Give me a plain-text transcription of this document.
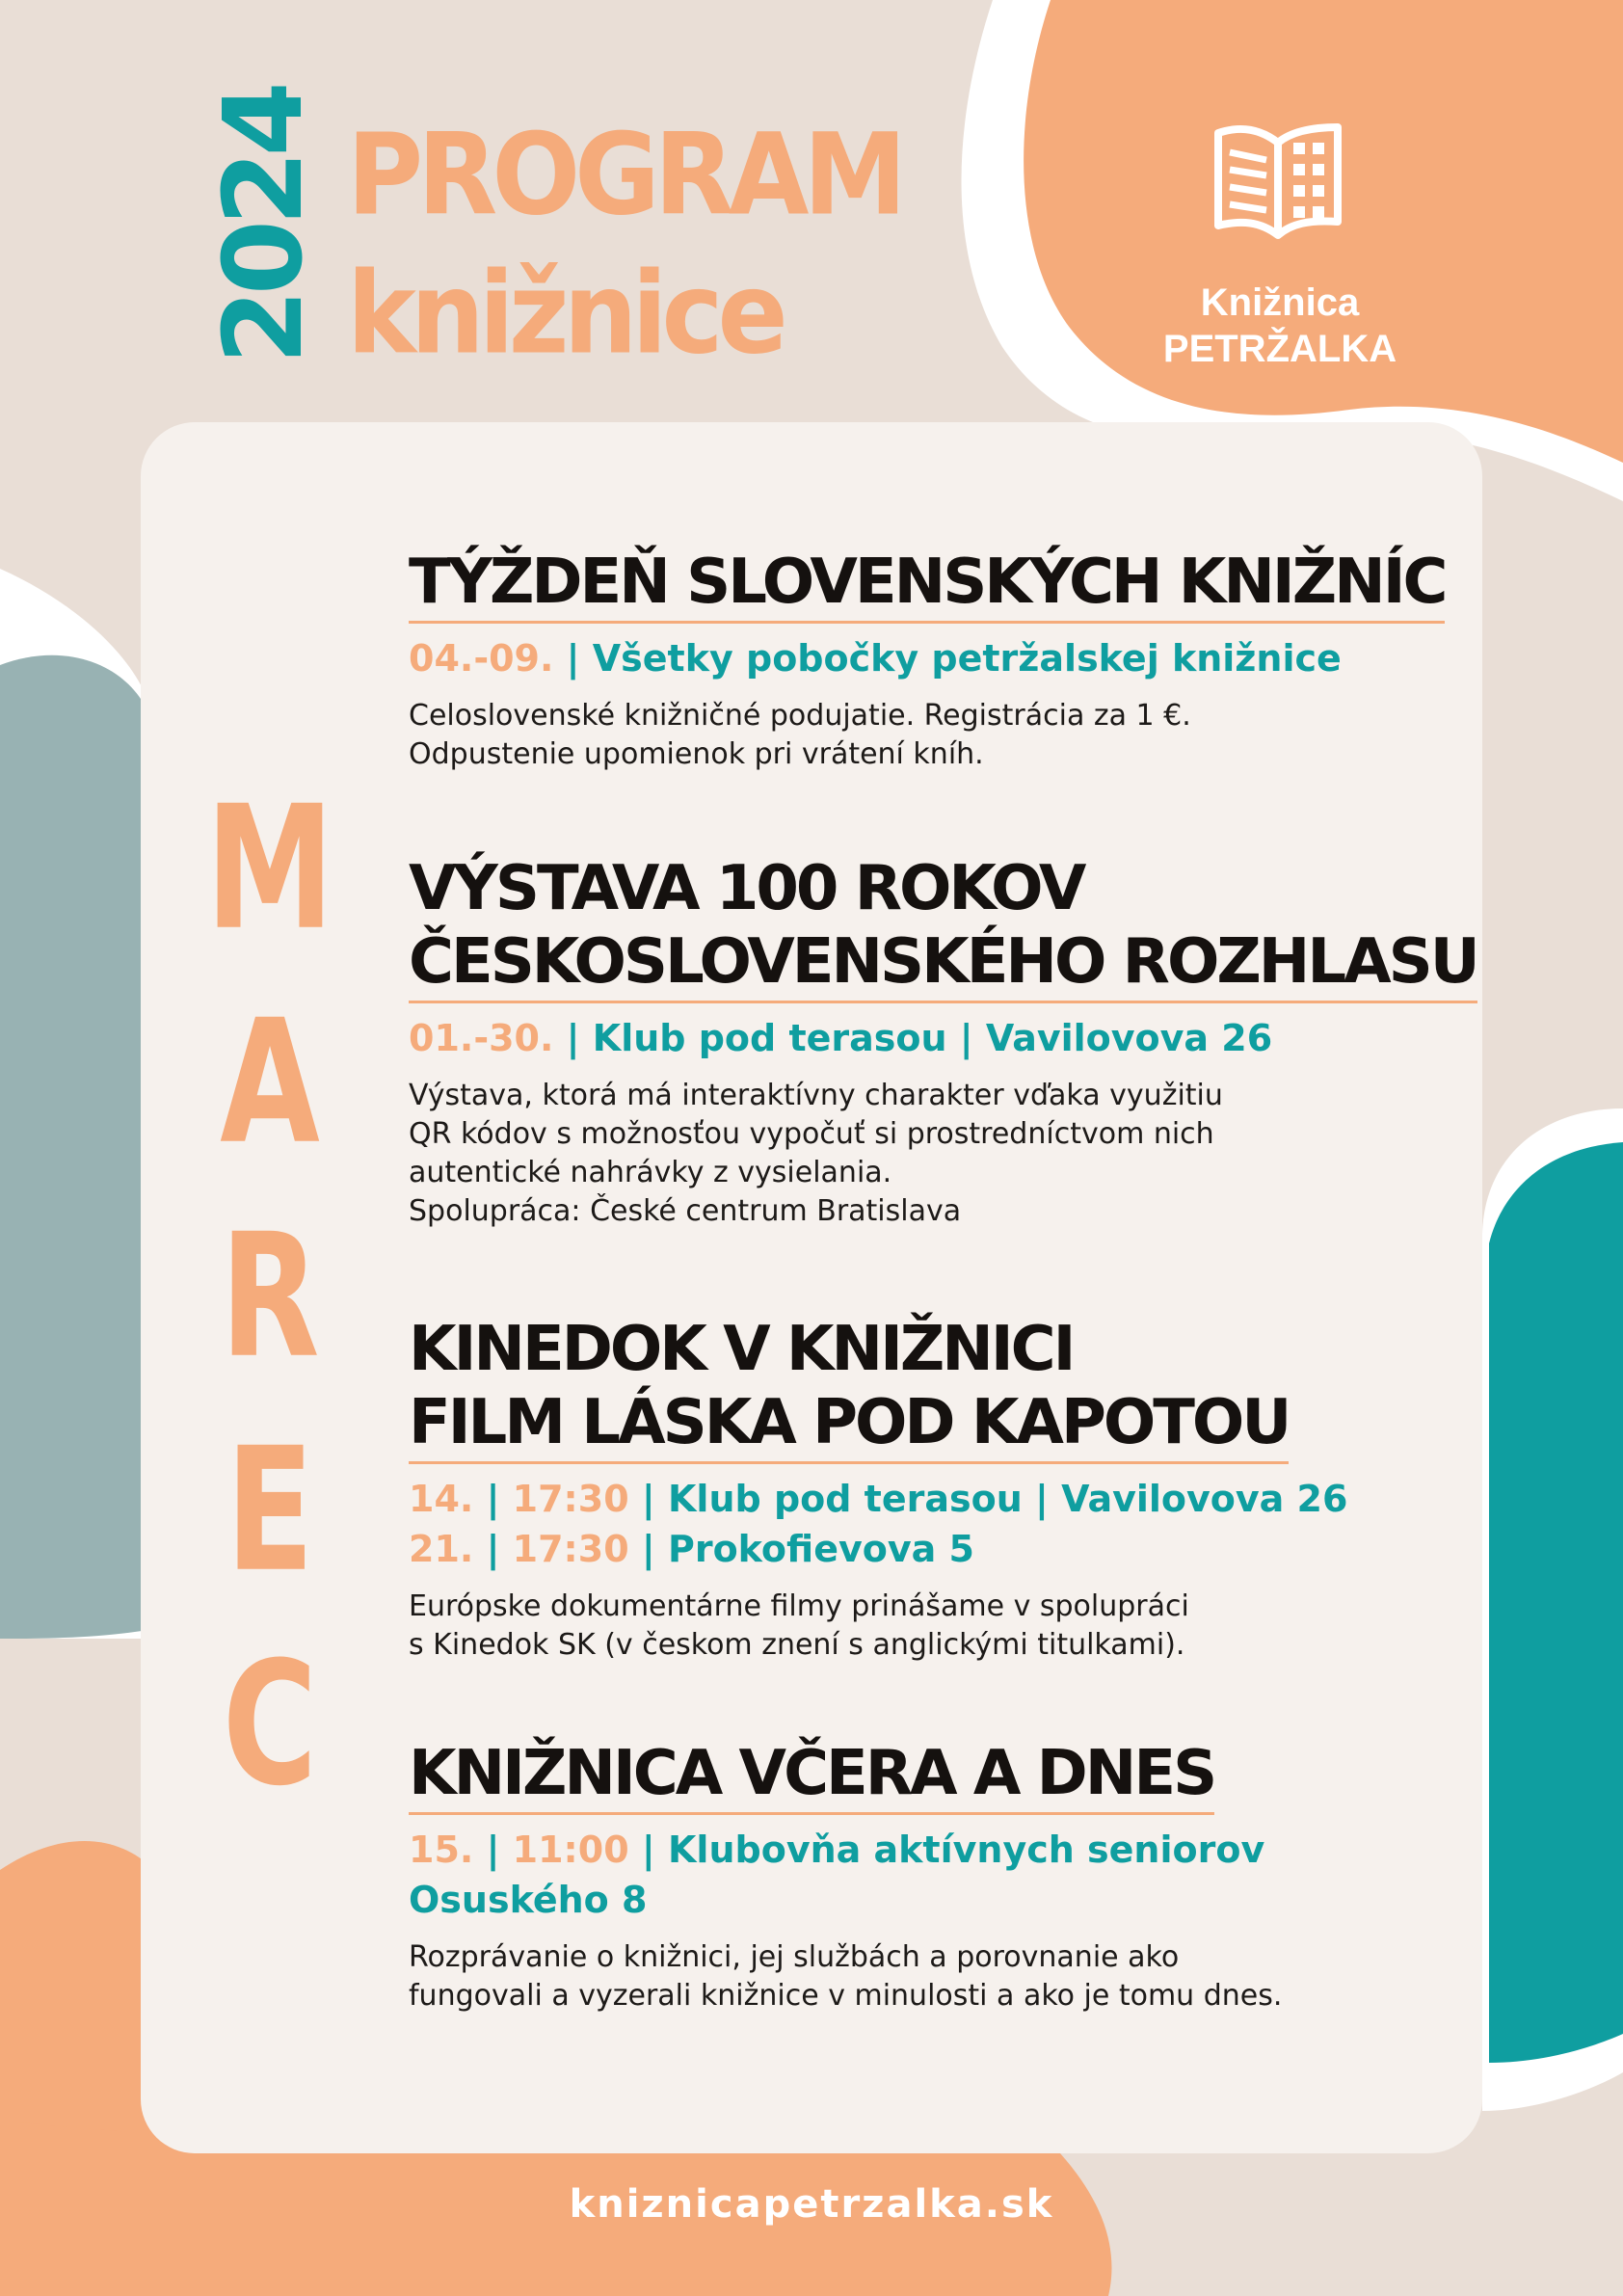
2024 PROGRAM
knižnice	Knižnica
PETRŽALKA
M
A
R
E
C
TÝŽDEŇ SLOVENSKÝCH KNIŽNÍC
04.-09. | Všetky pobočky petržalskej knižnice
Celoslovenské knižničné podujatie. Registrácia za 1 €.
Odpustenie upomienok pri vrátení kníh.
VÝSTAVA 100 ROKOV
ČESKOSLOVENSKÉHO ROZHLASU
01.-30. | Klub pod terasou | Vavilovova 26
Výstava, ktorá má interaktívny charakter vďaka využitiu
QR kódov s možnosťou vypočuť si prostredníctvom nich
autentické nahrávky z vysielania.
Spolupráca: České centrum Bratislava
KINEDOK V KNIŽNICI
FILM LÁSKA POD KAPOTOU
14. | 17:30 | Klub pod terasou | Vavilovova 26
21. | 17:30 | Prokofievova 5
Európske dokumentárne filmy prinášame v spolupráci
s Kinedok SK (v českom znení s anglickými titulkami).
KNIŽNICA VČERA A DNES
15. | 11:00 | Klubovňa aktívnych seniorov
Osuského 8
Rozprávanie o knižnici, jej službách a porovnanie ako
fungovali a vyzerali knižnice v minulosti a ako je tomu dnes.
kniznicapetrzalka.sk
